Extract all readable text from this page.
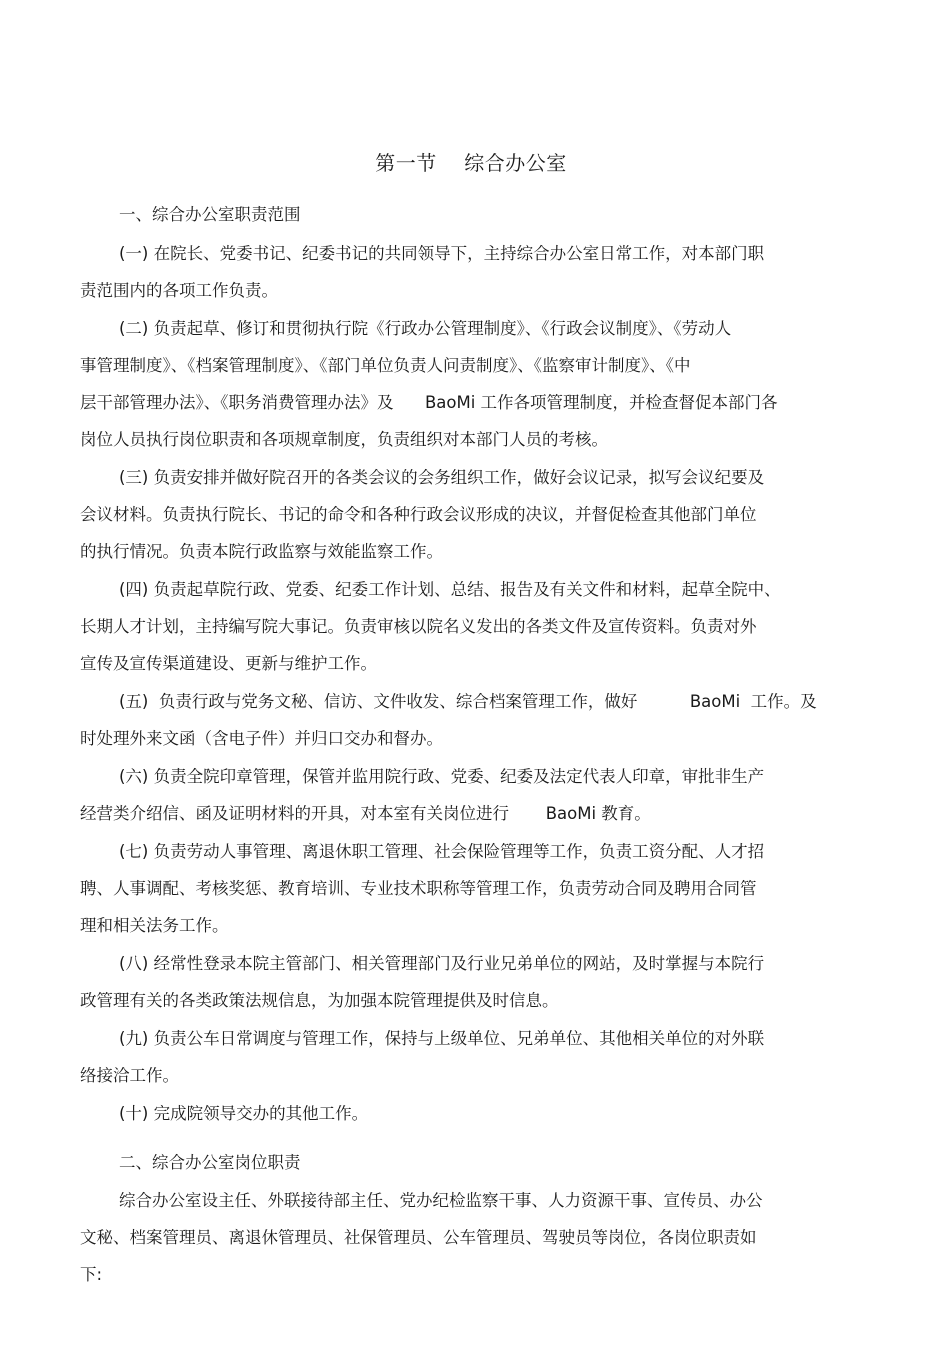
第一节    综合办公室
一、综合办公室职责范围
(一) 在院长、党委书记、纪委书记的共同领导下，主持综合办公室日常工作，对本部门职
责范围内的各项工作负责。
(二) 负责起草、修订和贯彻执行院《行政办公管理制度》、《行政会议制度》、《劳动人
事管理制度》、《档案管理制度》、《部门单位负责人问责制度》、《监察审计制度》、《中
层干部管理办法》、《职务消费管理办法》及      BaoMi 工作各项管理制度，并检查督促本部门各
岗位人员执行岗位职责和各项规章制度，负责组织对本部门人员的考核。
(三) 负责安排并做好院召开的各类会议的会务组织工作，做好会议记录，拟写会议纪要及
会议材料。负责执行院长、书记的命令和各种行政会议形成的决议，并督促检查其他部门单位
的执行情况。负责本院行政监察与效能监察工作。
(四) 负责起草院行政、党委、纪委工作计划、总结、报告及有关文件和材料，起草全院中、
长期人才计划，主持编写院大事记。负责审核以院名义发出的各类文件及宣传资料。负责对外
宣传及宣传渠道建设、更新与维护工作。
(五)  负责行政与党务文秘、信访、文件收发、综合档案管理工作，做好          BaoMi  工作。及
时处理外来文函（含电子件）并归口交办和督办。
(六) 负责全院印章管理，保管并监用院行政、党委、纪委及法定代表人印章，审批非生产
经营类介绍信、函及证明材料的开具，对本室有关岗位进行       BaoMi 教育。
(七) 负责劳动人事管理、离退休职工管理、社会保险管理等工作，负责工资分配、人才招
聘、人事调配、考核奖惩、教育培训、专业技术职称等管理工作，负责劳动合同及聘用合同管
理和相关法务工作。
(八) 经常性登录本院主管部门、相关管理部门及行业兄弟单位的网站，及时掌握与本院行
政管理有关的各类政策法规信息，为加强本院管理提供及时信息。
(九) 负责公车日常调度与管理工作，保持与上级单位、兄弟单位、其他相关单位的对外联
络接洽工作。
(十) 完成院领导交办的其他工作。
二、综合办公室岗位职责
综合办公室设主任、外联接待部主任、党办纪检监察干事、人力资源干事、宣传员、办公
文秘、档案管理员、离退休管理员、社保管理员、公车管理员、驾驶员等岗位，各岗位职责如
下:
